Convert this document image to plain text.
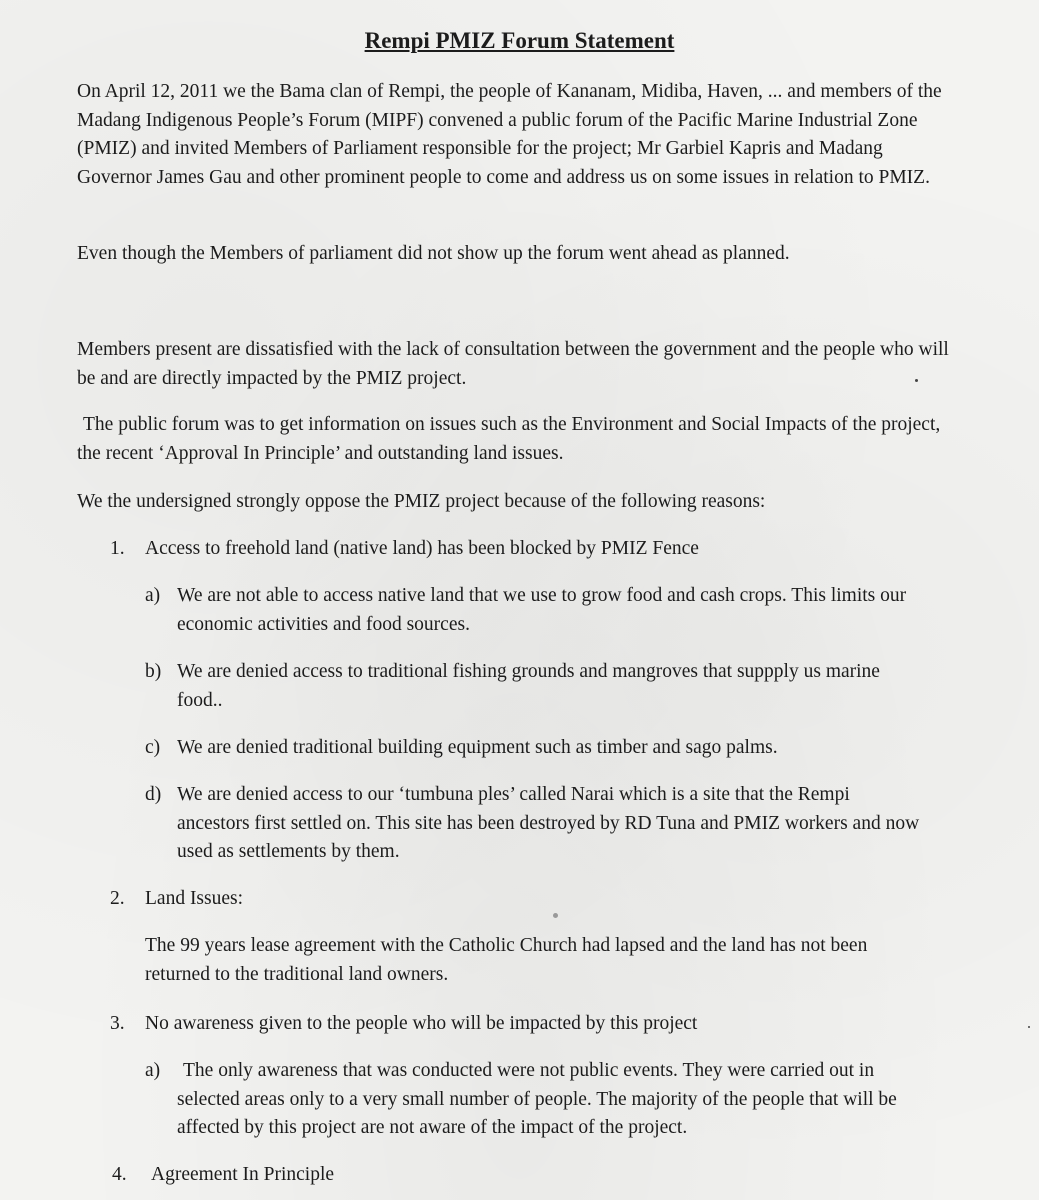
Rempi PMIZ Forum Statement

On April 12, 2011 we the Bama clan of Rempi, the people of Kananam, Midiba, Haven, ... and members of the Madang Indigenous People’s Forum (MIPF) convened a public forum of the Pacific Marine Industrial Zone (PMIZ) and invited Members of Parliament responsible for the project; Mr Garbiel Kapris and Madang Governor James Gau and other prominent people to come and address us on some issues in relation to PMIZ.

Even though the Members of parliament did not show up the forum went ahead as planned.

Members present are dissatisfied with the lack of consultation between the government and the people who will be and are directly impacted by the PMIZ project.

The public forum was to get information on issues such as the Environment and Social Impacts of the project, the recent ‘Approval In Principle’ and outstanding land issues.

We the undersigned strongly oppose the PMIZ project because of the following reasons:

1. Access to freehold land (native land) has been blocked by PMIZ Fence

a) We are not able to access native land that we use to grow food and cash crops. This limits our economic activities and food sources.

b) We are denied access to traditional fishing grounds and mangroves that suppply us marine food..

c) We are denied traditional building equipment such as timber and sago palms.

d) We are denied access to our ‘tumbuna ples’ called Narai which is a site that the Rempi ancestors first settled on. This site has been destroyed by RD Tuna and PMIZ workers and now used as settlements by them.

2. Land Issues:

The 99 years lease agreement with the Catholic Church had lapsed and the land has not been returned to the traditional land owners.

3. No awareness given to the people who will be impacted by this project

a)	The only awareness that was conducted were not public events. They were carried out in selected areas only to a very small number of people. The majority of the people that will be affected by this project are not aware of the impact of the project.

4. Agreement In Principle
